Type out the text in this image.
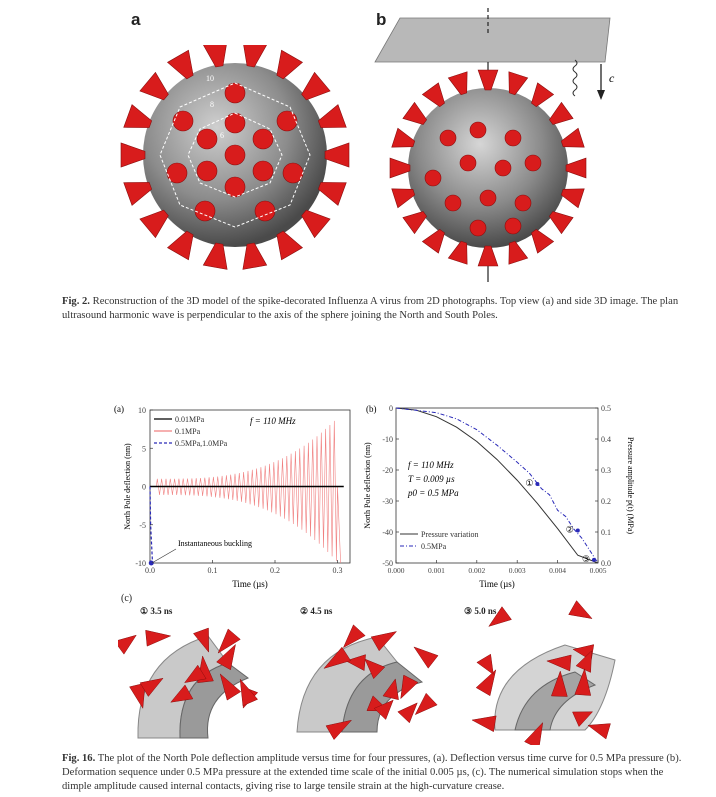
a	b
10
8
6
c
Fig. 2. Reconstruction of the 3D model of the spike-decorated Influenza A virus from 2D photographs. Top view (a) and side 3D image. The plan
ultrasound harmonic wave is perpendicular to the axis of the sphere joining the North and South Poles.
(a) 10
5
0
-5
-10
0.0	0.1	0.2	0.3
Time (µs)
North Pole deflection (nm)
0.01MPa
0.1MPa
0.5MPa,1.0MPa
f = 110 MHz
Instantaneous buckling
(b) 0
-10
-20
-30
-40
-50	0.0
0.1
0.2
0.3
0.4
0.5
0.000	0.001	0.002	0.003	0.004	0.005
Time (µs)
North Pole deflection (nm)	Pressure amplitude p(t) (MPa)
①
②
③
f = 110 MHz
T = 0.009 µs
p0 = 0.5 MPa
Pressure variation
0.5MPa
(c)
① 3.5 ns	② 4.5 ns	③ 5.0 ns
Fig. 16. The plot of the North Pole deflection amplitude versus time for four pressures, (a). Deflection versus time curve for 0.5 MPa pressure (b).
Deformation sequence under 0.5 MPa pressure at the extended time scale of the initial 0.005 µs, (c). The numerical simulation stops when the
dimple amplitude caused internal contacts, giving rise to large tensile strain at the high-curvature crease.
